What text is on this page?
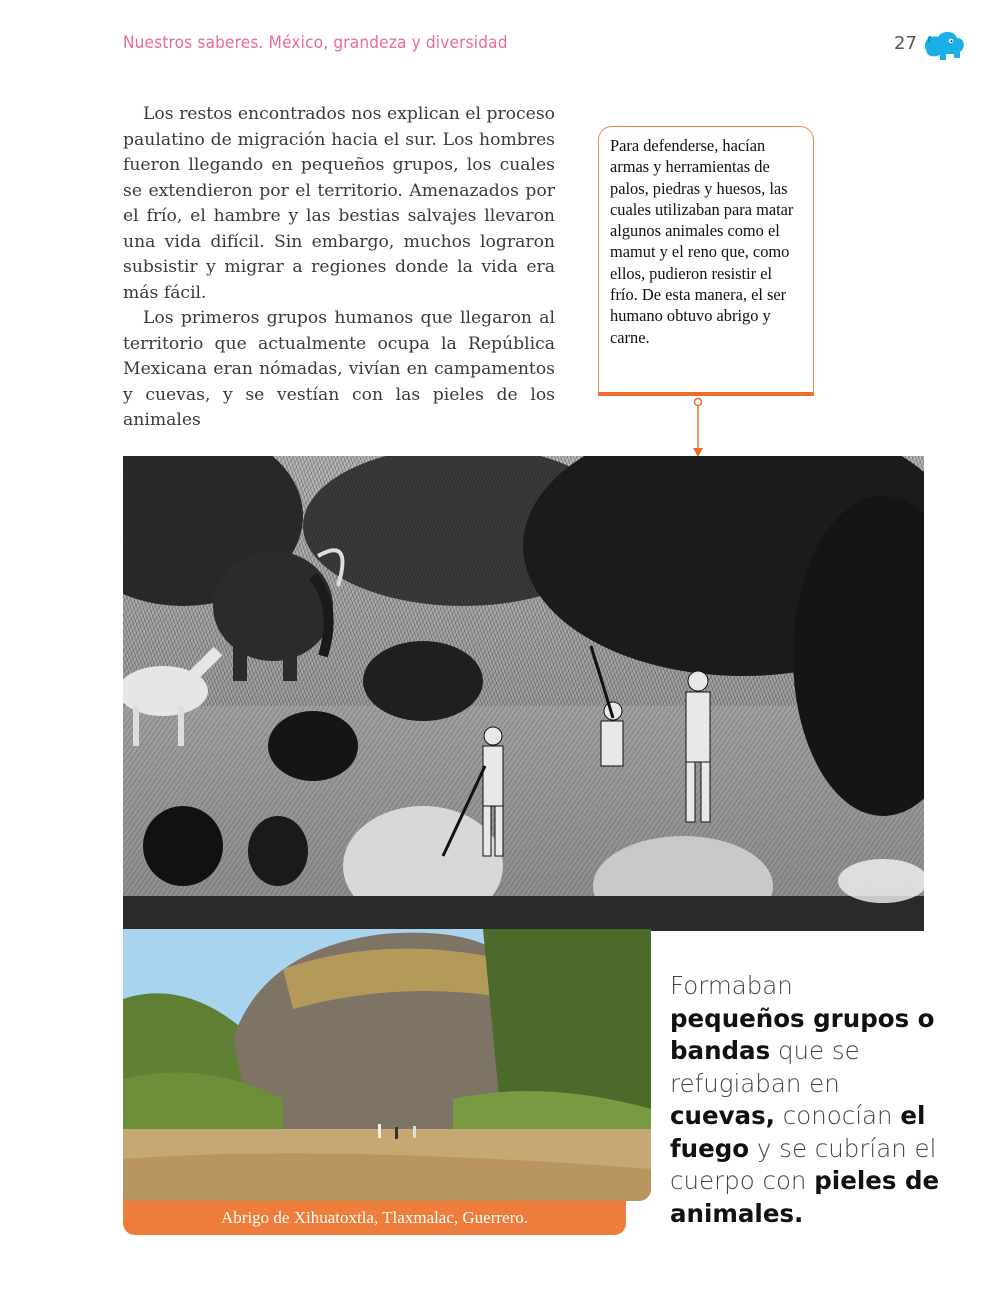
Nuestros saberes. México, grandeza y diversidad	27

Los restos encontrados nos explican el proceso paulatino de migración hacia el sur. Los hombres fueron llegando en pequeños grupos, los cuales se extendieron por el territorio. Amenazados por el frío, el hambre y las bestias salvajes llevaron una vida difícil. Sin embargo, muchos lograron subsistir y migrar a regiones donde la vida era más fácil.

Los primeros grupos humanos que llegaron al territorio que actualmente ocupa la República Mexicana eran nómadas, vivían en campamentos y cuevas, y se vestían con las pieles de los animales

Para defenderse, hacían armas y herramientas de palos, piedras y huesos, las cuales utilizaban para matar algunos animales como el mamut y el reno que, como ellos, pudieron resistir el frío. De esta manera, el ser humano obtuvo abrigo y carne.
Abrigo de Xihuatoxtla, Tlaxmalac, Guerrero.
Formaban
pequeños grupos o bandas que se refugiaban en cuevas, conocían el fuego y se cubrían el cuerpo con pieles de animales.
